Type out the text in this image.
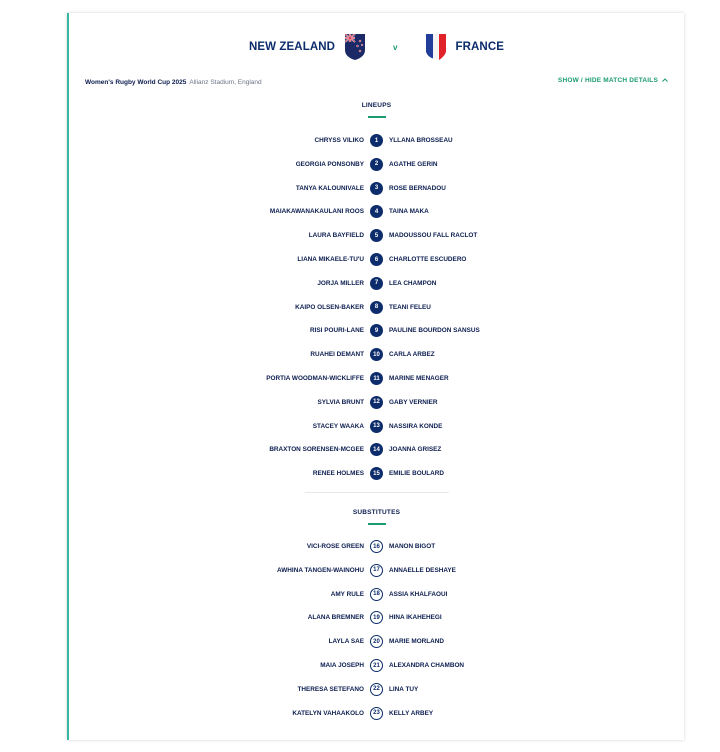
NEW ZEALAND	v	FRANCE
Women's Rugby World Cup 2025 Allianz Stadium, England	SHOW / HIDE MATCH DETAILS
LINEUPS
CHRYSS VILIKO	1	YLLANA BROSSEAU
GEORGIA PONSONBY	2	AGATHE GERIN
TANYA KALOUNIVALE	3	ROSE BERNADOU
MAIAKAWANAKAULANI ROOS	4	TAINA MAKA
LAURA BAYFIELD	5	MADOUSSOU FALL RACLOT
LIANA MIKAELE-TU'U	6	CHARLOTTE ESCUDERO
JORJA MILLER	7	LEA CHAMPON
KAIPO OLSEN-BAKER	8	TEANI FELEU
RISI POURI-LANE	9	PAULINE BOURDON SANSUS
RUAHEI DEMANT	10	CARLA ARBEZ
PORTIA WOODMAN-WICKLIFFE	11	MARINE MENAGER
SYLVIA BRUNT	12	GABY VERNIER
STACEY WAAKA	13	NASSIRA KONDE
BRAXTON SORENSEN-MCGEE	14	JOANNA GRISEZ
RENEE HOLMES	15	EMILIE BOULARD
SUBSTITUTES
VICI-ROSE GREEN	16	MANON BIGOT
AWHINA TANGEN-WAINOHU	17	ANNAELLE DESHAYE
AMY RULE	18	ASSIA KHALFAOUI
ALANA BREMNER	19	HINA IKAHEHEGI
LAYLA SAE	20	MARIE MORLAND
MAIA JOSEPH	21	ALEXANDRA CHAMBON
THERESA SETEFANO	22	LINA TUY
KATELYN VAHAAKOLO	23	KELLY ARBEY
